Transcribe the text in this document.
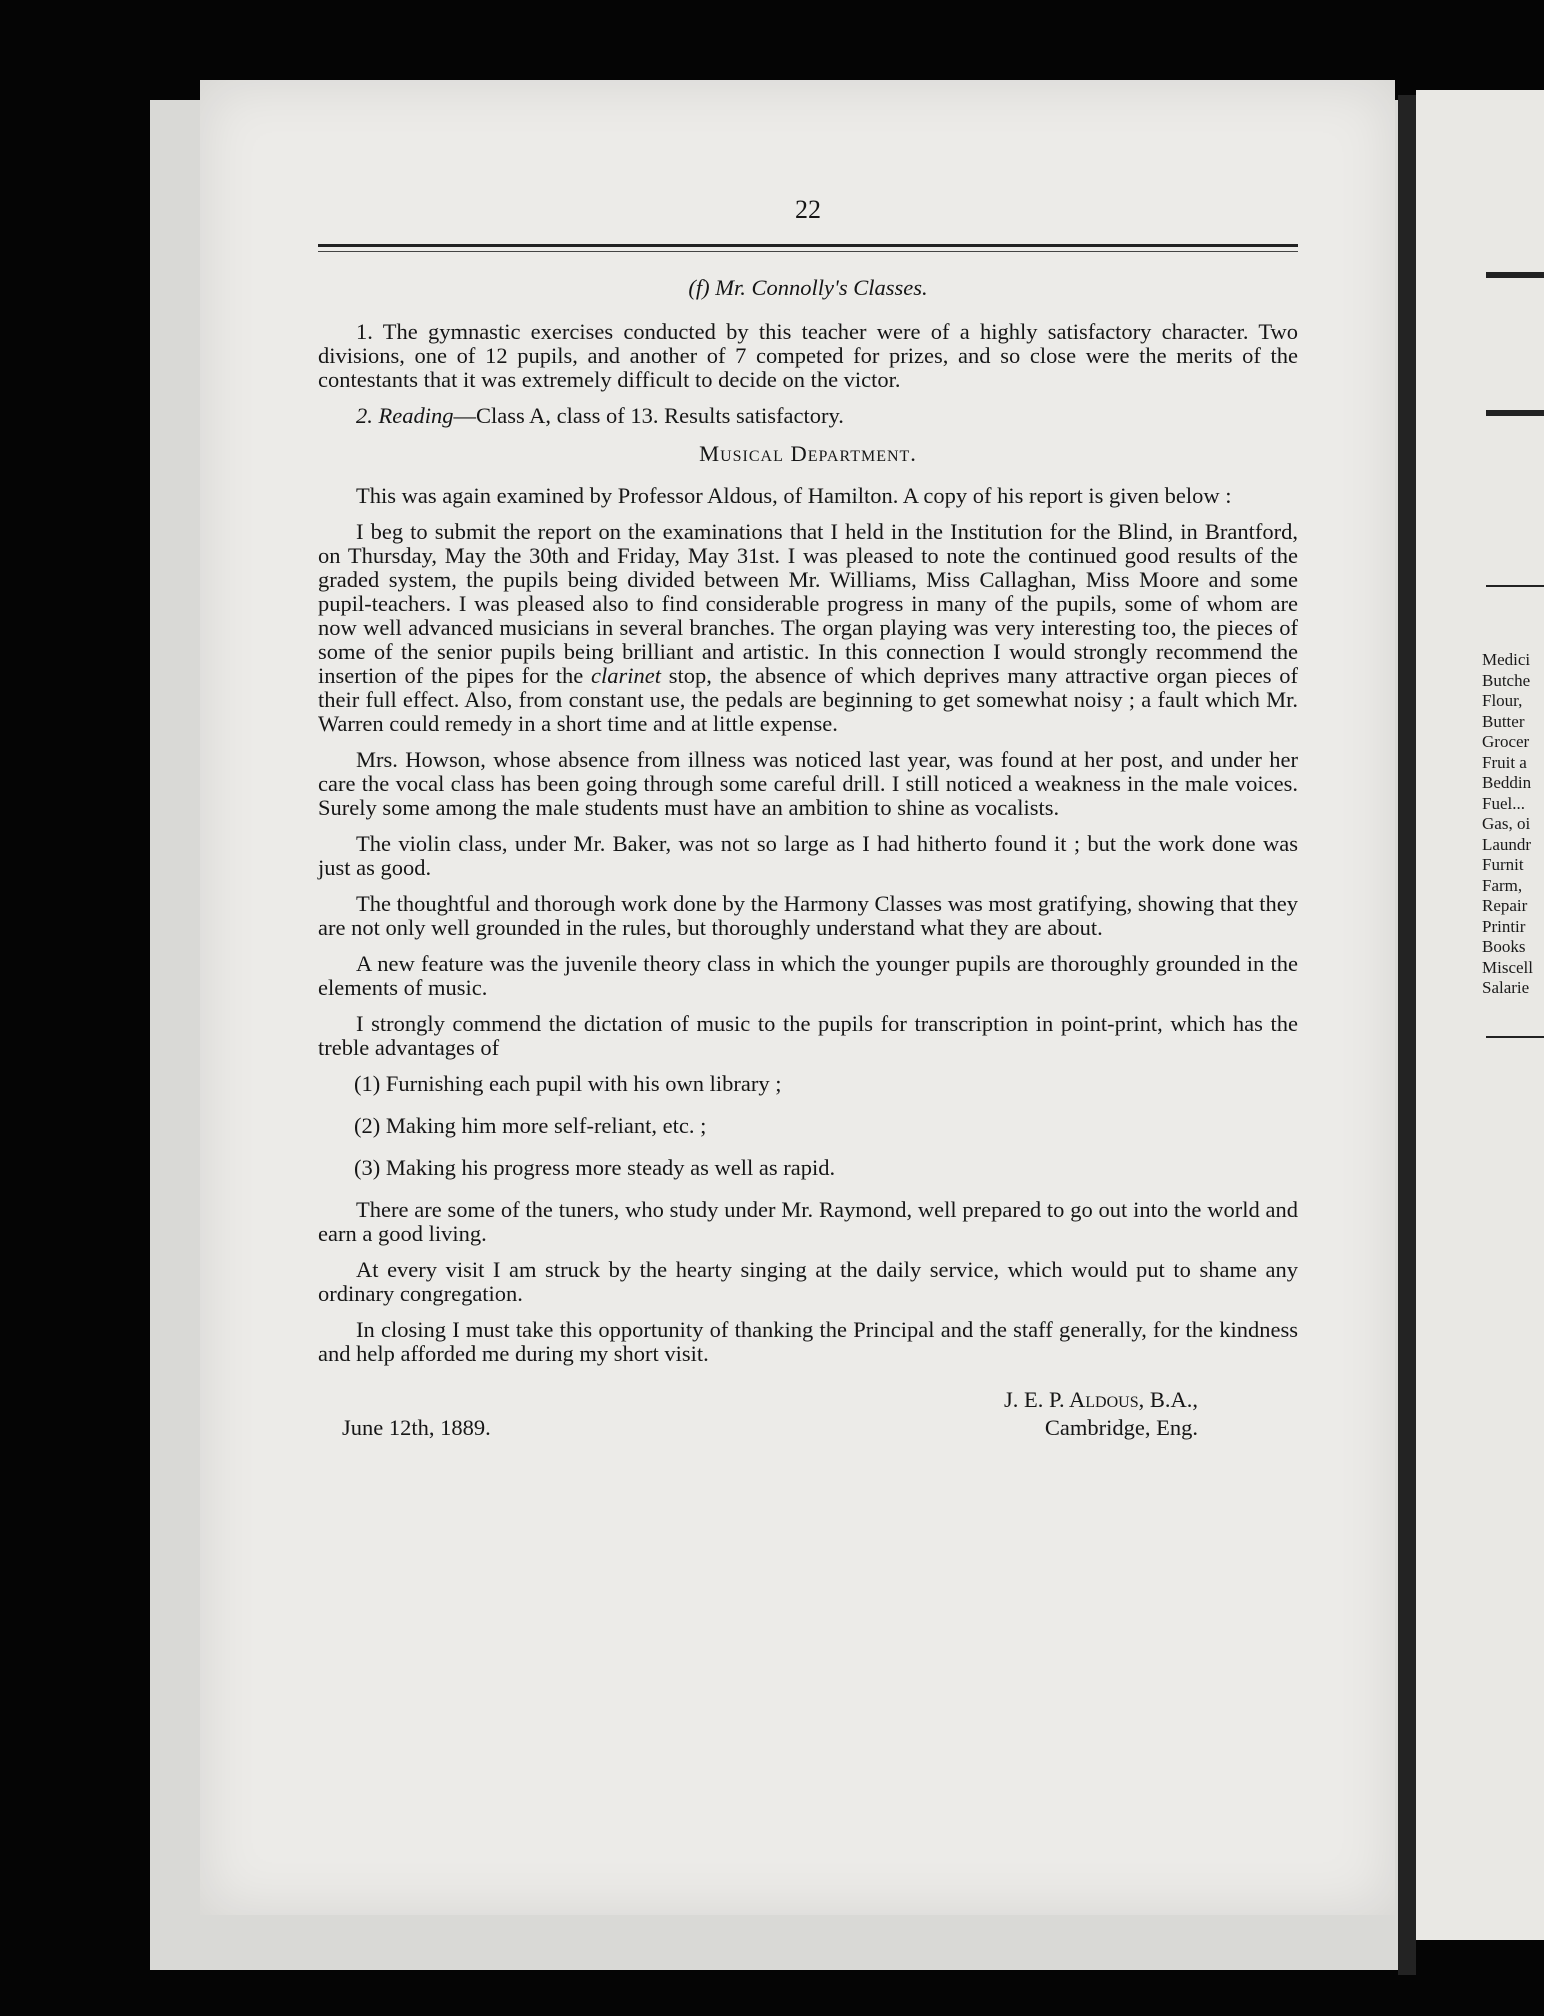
Medici
Butche
Flour,
Butter
Grocer
Fruit a
Beddin
Fuel...
Gas, oi
Laundr
Furnit
Farm,
Repair
Printir
Books
Miscell
Salarie
22
(f) Mr. Connolly's Classes.

1. The gymnastic exercises conducted by this teacher were of a highly satisfactory character. Two divisions, one of 12 pupils, and another of 7 competed for prizes, and so close were the merits of the contestants that it was extremely difficult to decide on the victor.

2. Reading—Class A, class of 13. Results satisfactory.

Musical Department.

This was again examined by Professor Aldous, of Hamilton. A copy of his report is given below :

I beg to submit the report on the examinations that I held in the Institution for the Blind, in Brantford, on Thursday, May the 30th and Friday, May 31st. I was pleased to note the continued good results of the graded system, the pupils being divided between Mr. Williams, Miss Callaghan, Miss Moore and some pupil-teachers. I was pleased also to find considerable progress in many of the pupils, some of whom are now well advanced musicians in several branches. The organ playing was very interesting too, the pieces of some of the senior pupils being brilliant and artistic. In this connection I would strongly recommend the insertion of the pipes for the clarinet stop, the absence of which deprives many attractive organ pieces of their full effect. Also, from constant use, the pedals are beginning to get somewhat noisy ; a fault which Mr. Warren could remedy in a short time and at little expense.

Mrs. Howson, whose absence from illness was noticed last year, was found at her post, and under her care the vocal class has been going through some careful drill. I still noticed a weakness in the male voices. Surely some among the male students must have an ambition to shine as vocalists.

The violin class, under Mr. Baker, was not so large as I had hitherto found it ; but the work done was just as good.

The thoughtful and thorough work done by the Harmony Classes was most gratifying, showing that they are not only well grounded in the rules, but thoroughly understand what they are about.

A new feature was the juvenile theory class in which the younger pupils are thoroughly grounded in the elements of music.

I strongly commend the dictation of music to the pupils for transcription in point-print, which has the treble advantages of

(1) Furnishing each pupil with his own library ;
(2) Making him more self-reliant, etc. ;
(3) Making his progress more steady as well as rapid.

There are some of the tuners, who study under Mr. Raymond, well prepared to go out into the world and earn a good living.

At every visit I am struck by the hearty singing at the daily service, which would put to shame any ordinary congregation.

In closing I must take this opportunity of thanking the Principal and the staff generally, for the kindness and help afforded me during my short visit.

J. E. P. Aldous, B.A.,
Cambridge, Eng.
June 12th, 1889.
